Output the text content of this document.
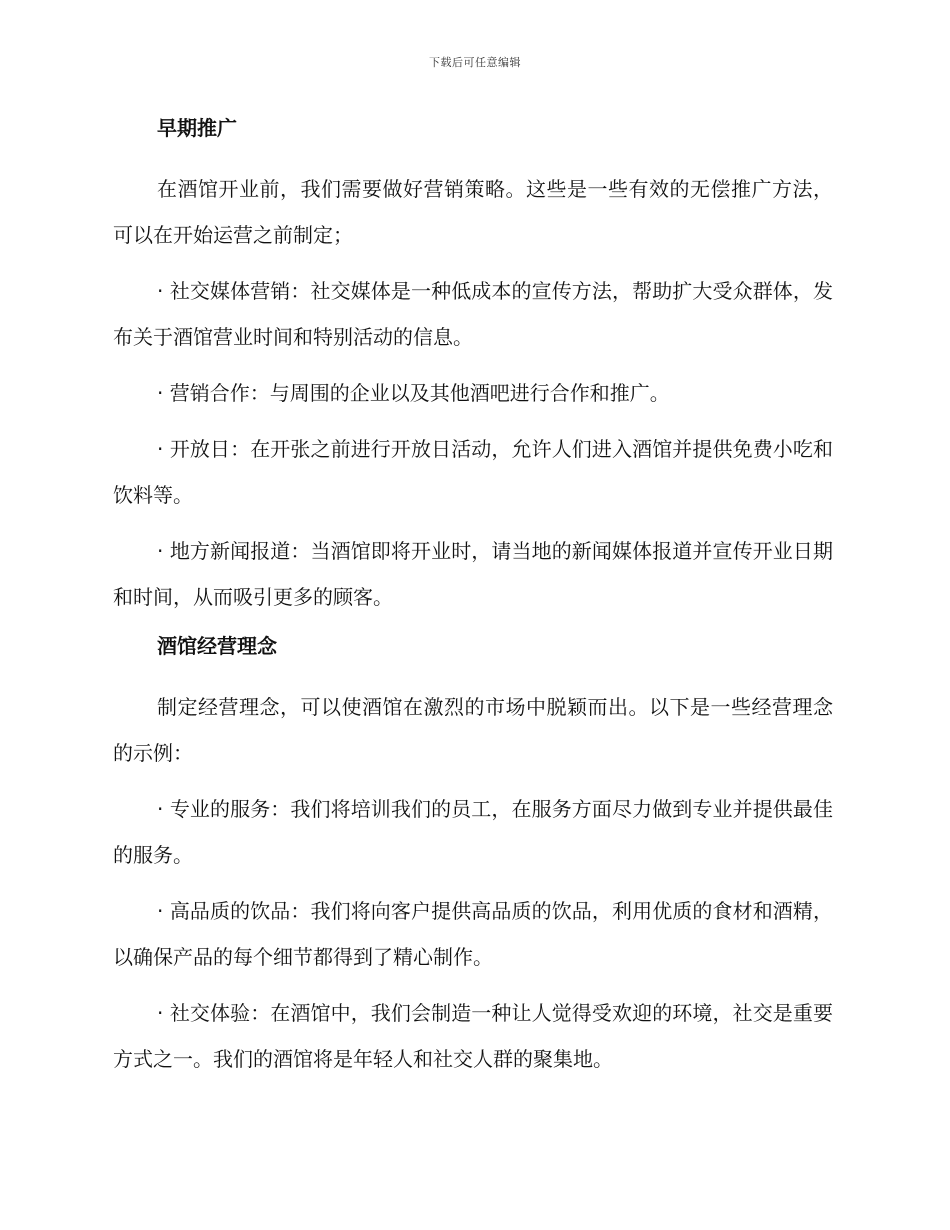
下载后可任意编辑
早期推广

在酒馆开业前，我们需要做好营销策略。这些是一些有效的无偿推广方法，可以在开始运营之前制定；

· 社交媒体营销：社交媒体是一种低成本的宣传方法，帮助扩大受众群体，发布关于酒馆营业时间和特别活动的信息。

· 营销合作：与周围的企业以及其他酒吧进行合作和推广。

· 开放日：在开张之前进行开放日活动，允许人们进入酒馆并提供免费小吃和饮料等。

· 地方新闻报道：当酒馆即将开业时，请当地的新闻媒体报道并宣传开业日期和时间，从而吸引更多的顾客。

酒馆经营理念

制定经营理念，可以使酒馆在激烈的市场中脱颖而出。以下是一些经营理念的示例：

· 专业的服务：我们将培训我们的员工，在服务方面尽力做到专业并提供最佳的服务。

· 高品质的饮品：我们将向客户提供高品质的饮品，利用优质的食材和酒精，以确保产品的每个细节都得到了精心制作。

· 社交体验：在酒馆中，我们会制造一种让人觉得受欢迎的环境，社交是重要方式之一。我们的酒馆将是年轻人和社交人群的聚集地。
